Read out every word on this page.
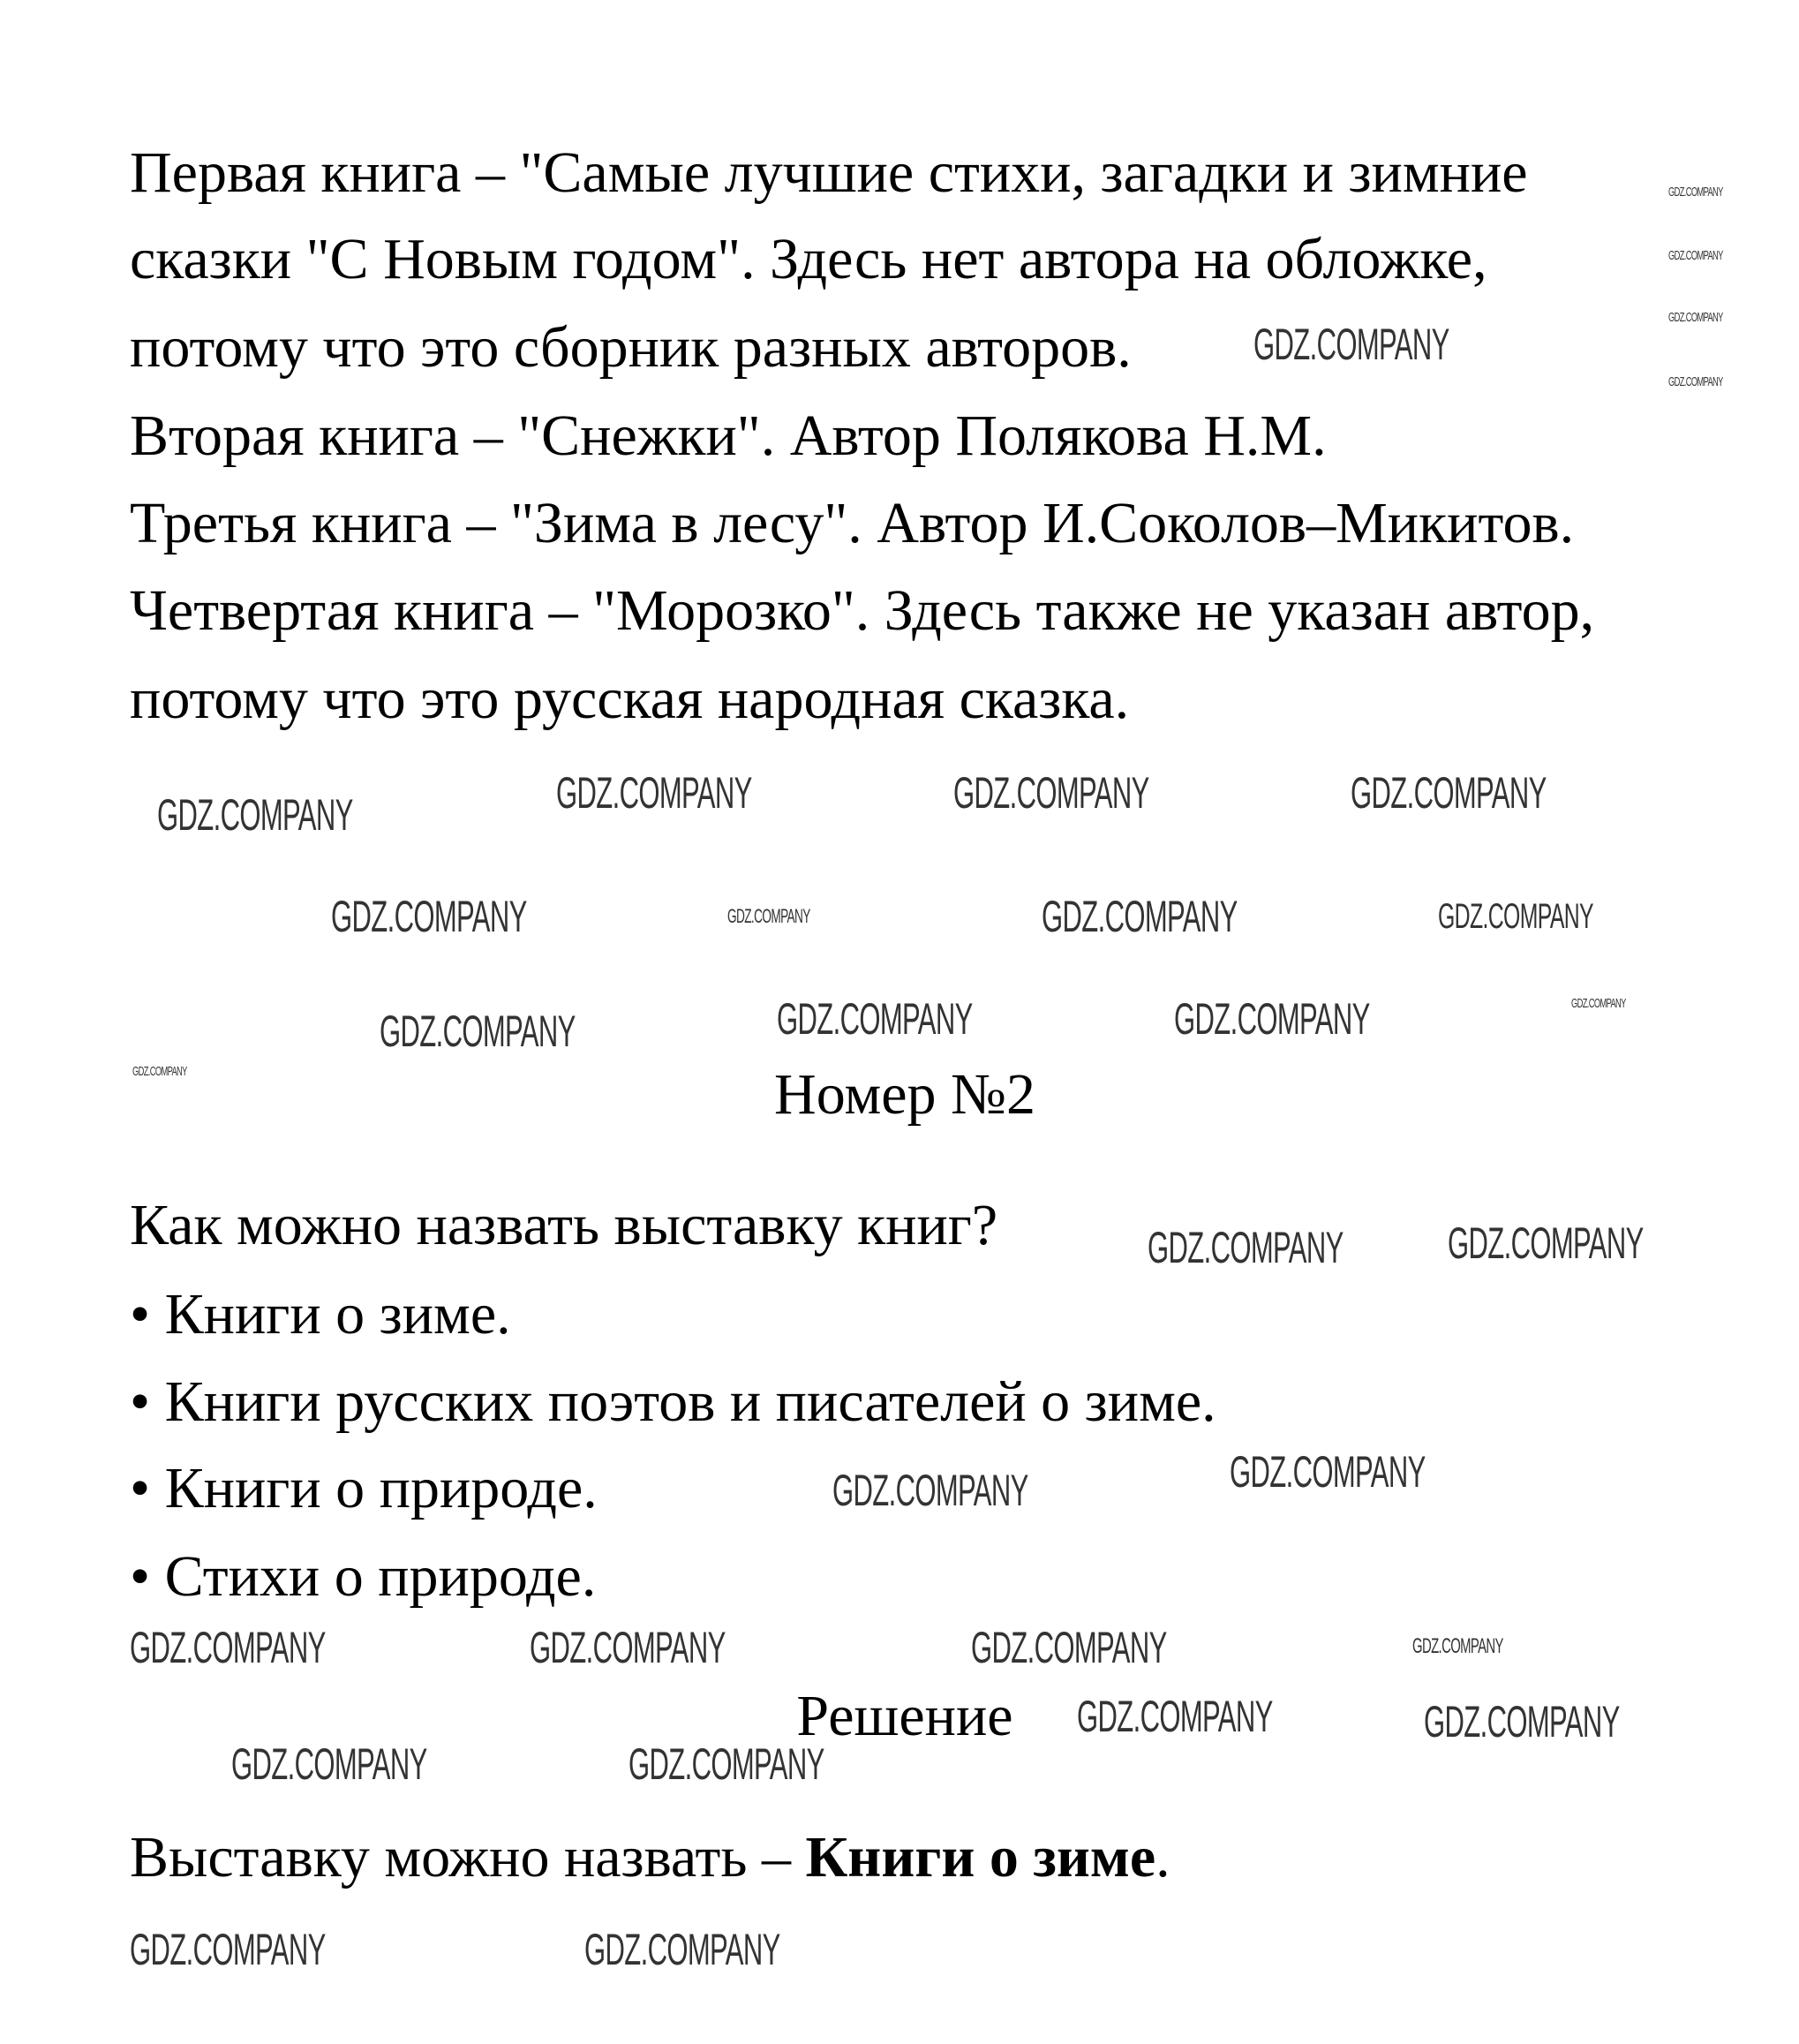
Первая книга – "Самые лучшие стихи, загадки и зимние
сказки "С Новым годом". Здесь нет автора на обложке,
потому что это сборник разных авторов.
Вторая книга – "Снежки". Автор Полякова Н.М.
Третья книга – "Зима в лесу". Автор И.Соколов–Микитов.
Четвертая книга – "Морозко". Здесь также не указан автор,
потому что это русская народная сказка.
Номер №2
Как можно назвать выставку книг?
• Книги о зиме.
• Книги русских поэтов и писателей о зиме.
• Книги о природе.
• Стихи о природе.
Решение
Выставку можно назвать – Книги о зиме.
GDZ.COMPANY	GDZ.COMPANY
GDZ.COMPANY
GDZ.COMPANY
GDZ.COMPANY
GDZ.COMPANY
GDZ.COMPANY
GDZ.COMPANY	GDZ.COMPANY	GDZ.COMPANY	GDZ.COMPANY
GDZ.COMPANY	GDZ.COMPANY	GDZ.COMPANY	GDZ.COMPANY
GDZ.COMPANY	GDZ.COMPANY	GDZ.COMPANY	GDZ.COMPANY
GDZ.COMPANY
GDZ.COMPANY GDZ.COMPANY
GDZ.COMPANY	GDZ.COMPANY
GDZ.COMPANY	GDZ.COMPANY
GDZ.COMPANY
GDZ.COMPANY
GDZ.COMPANY	GDZ.COMPANY
GDZ.COMPANY	GDZ.COMPANY
